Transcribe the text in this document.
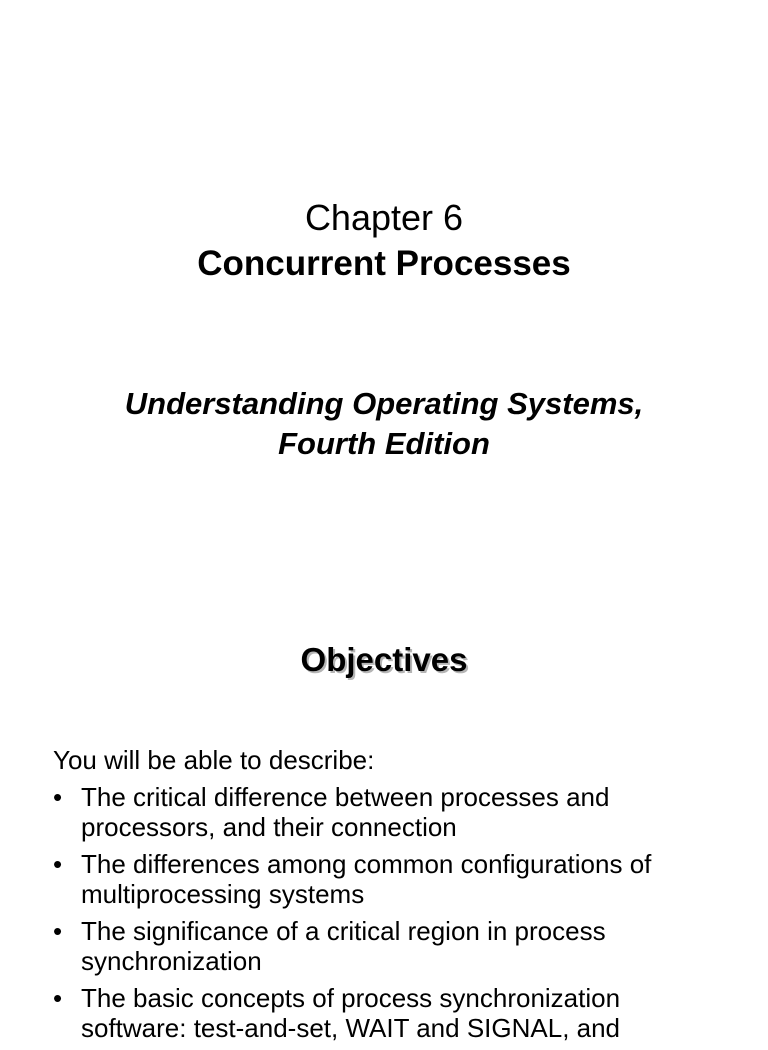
Chapter 6
Concurrent Processes
Understanding Operating Systems,
Fourth Edition
Objectives
You will be able to describe:
• The critical difference between processes and
processors, and their connection
• The differences among common configurations of
multiprocessing systems
• The significance of a critical region in process
synchronization
• The basic concepts of process synchronization
software: test-and-set, WAIT and SIGNAL, and
